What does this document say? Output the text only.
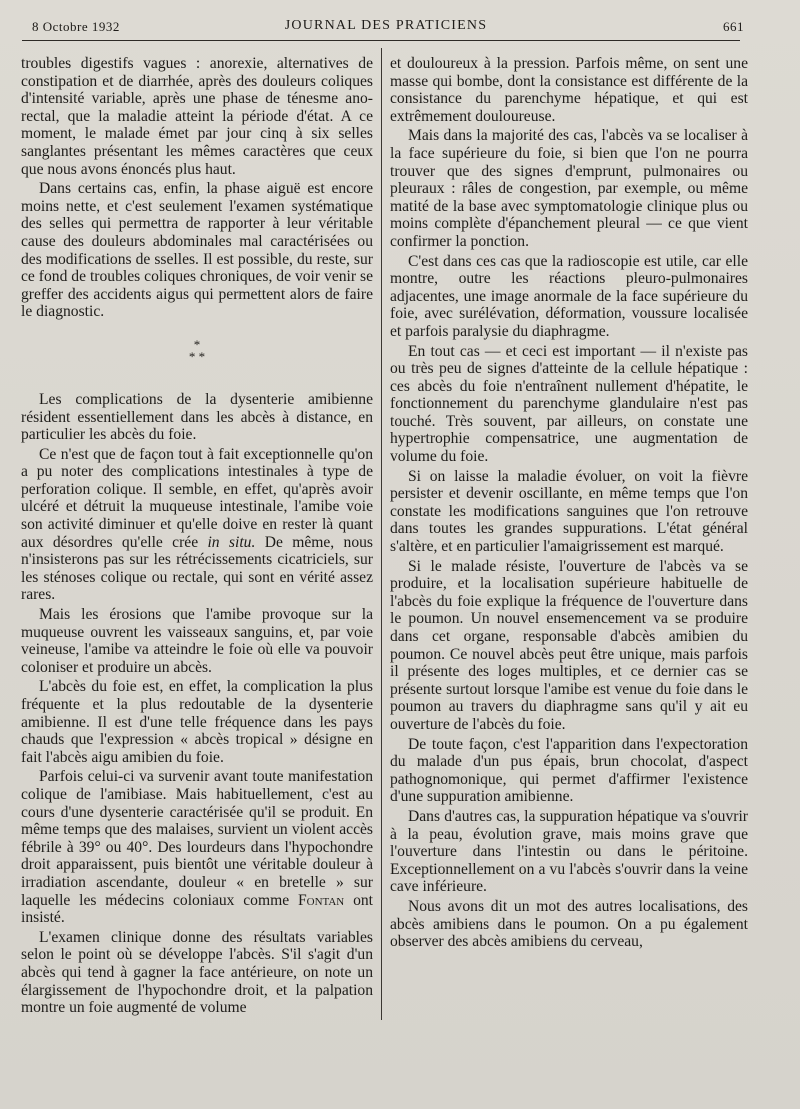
8 Octobre 1932	JOURNAL DES PRATICIENS	661

troubles digestifs vagues : anorexie, alternatives de constipation et de diarrhée, après des douleurs coliques d'intensité variable, après une phase de ténesme ano-rectal, que la maladie atteint la période d'état. A ce moment, le malade émet par jour cinq à six selles sanglantes présentant les mêmes caractères que ceux que nous avons énoncés plus haut.

Dans certains cas, enfin, la phase aiguë est encore moins nette, et c'est seulement l'examen systématique des selles qui permettra de rapporter à leur véritable cause des douleurs abdominales mal caractérisées ou des modifications de sselles. Il est possible, du reste, sur ce fond de troubles coliques chroniques, de voir venir se greffer des accidents aigus qui permettent alors de faire le diagnostic.

*
* *

Les complications de la dysenterie amibienne résident essentiellement dans les abcès à distance, en particulier les abcès du foie.

Ce n'est que de façon tout à fait exceptionnelle qu'on a pu noter des complications intestinales à type de perforation colique. Il semble, en effet, qu'après avoir ulcéré et détruit la muqueuse intestinale, l'amibe voie son activité diminuer et qu'elle doive en rester là quant aux désordres qu'elle crée in situ. De même, nous n'insisterons pas sur les rétrécissements cicatriciels, sur les sténoses colique ou rectale, qui sont en vérité assez rares.

Mais les érosions que l'amibe provoque sur la muqueuse ouvrent les vaisseaux sanguins, et, par voie veineuse, l'amibe va atteindre le foie où elle va pouvoir coloniser et produire un abcès.

L'abcès du foie est, en effet, la complication la plus fréquente et la plus redoutable de la dysenterie amibienne. Il est d'une telle fréquence dans les pays chauds que l'expression « abcès tropical » désigne en fait l'abcès aigu amibien du foie.

Parfois celui-ci va survenir avant toute manifestation colique de l'amibiase. Mais habituellement, c'est au cours d'une dysenterie caractérisée qu'il se produit. En même temps que des malaises, survient un violent accès fébrile à 39° ou 40°. Des lourdeurs dans l'hypochondre droit apparaissent, puis bientôt une véritable douleur à irradiation ascendante, douleur « en bretelle » sur laquelle les médecins coloniaux comme Fontan ont insisté.

L'examen clinique donne des résultats variables selon le point où se développe l'abcès. S'il s'agit d'un abcès qui tend à gagner la face antérieure, on note un élargissement de l'hypochondre droit, et la palpation montre un foie augmenté de volume

et douloureux à la pression. Parfois même, on sent une masse qui bombe, dont la consistance est différente de la consistance du parenchyme hépatique, et qui est extrêmement douloureuse.

Mais dans la majorité des cas, l'abcès va se localiser à la face supérieure du foie, si bien que l'on ne pourra trouver que des signes d'emprunt, pulmonaires ou pleuraux : râles de congestion, par exemple, ou même matité de la base avec symptomatologie clinique plus ou moins complète d'épanchement pleural — ce que vient confirmer la ponction.

C'est dans ces cas que la radioscopie est utile, car elle montre, outre les réactions pleuro-pulmonaires adjacentes, une image anormale de la face supérieure du foie, avec surélévation, déformation, voussure localisée et parfois paralysie du diaphragme.

En tout cas — et ceci est important — il n'existe pas ou très peu de signes d'atteinte de la cellule hépatique : ces abcès du foie n'entraînent nullement d'hépatite, le fonctionnement du parenchyme glandulaire n'est pas touché. Très souvent, par ailleurs, on constate une hypertrophie compensatrice, une augmentation de volume du foie.

Si on laisse la maladie évoluer, on voit la fièvre persister et devenir oscillante, en même temps que l'on constate les modifications sanguines que l'on retrouve dans toutes les grandes suppurations. L'état général s'altère, et en particulier l'amaigrissement est marqué.

Si le malade résiste, l'ouverture de l'abcès va se produire, et la localisation supérieure habituelle de l'abcès du foie explique la fréquence de l'ouverture dans le poumon. Un nouvel ensemencement va se produire dans cet organe, responsable d'abcès amibien du poumon. Ce nouvel abcès peut être unique, mais parfois il présente des loges multiples, et ce dernier cas se présente surtout lorsque l'amibe est venue du foie dans le poumon au travers du diaphragme sans qu'il y ait eu ouverture de l'abcès du foie.

De toute façon, c'est l'apparition dans l'expectoration du malade d'un pus épais, brun chocolat, d'aspect pathognomonique, qui permet d'affirmer l'existence d'une suppuration amibienne.

Dans d'autres cas, la suppuration hépatique va s'ouvrir à la peau, évolution grave, mais moins grave que l'ouverture dans l'intestin ou dans le péritoine. Exceptionnellement on a vu l'abcès s'ouvrir dans la veine cave inférieure.

Nous avons dit un mot des autres localisations, des abcès amibiens dans le poumon. On a pu également observer des abcès amibiens du cerveau,
